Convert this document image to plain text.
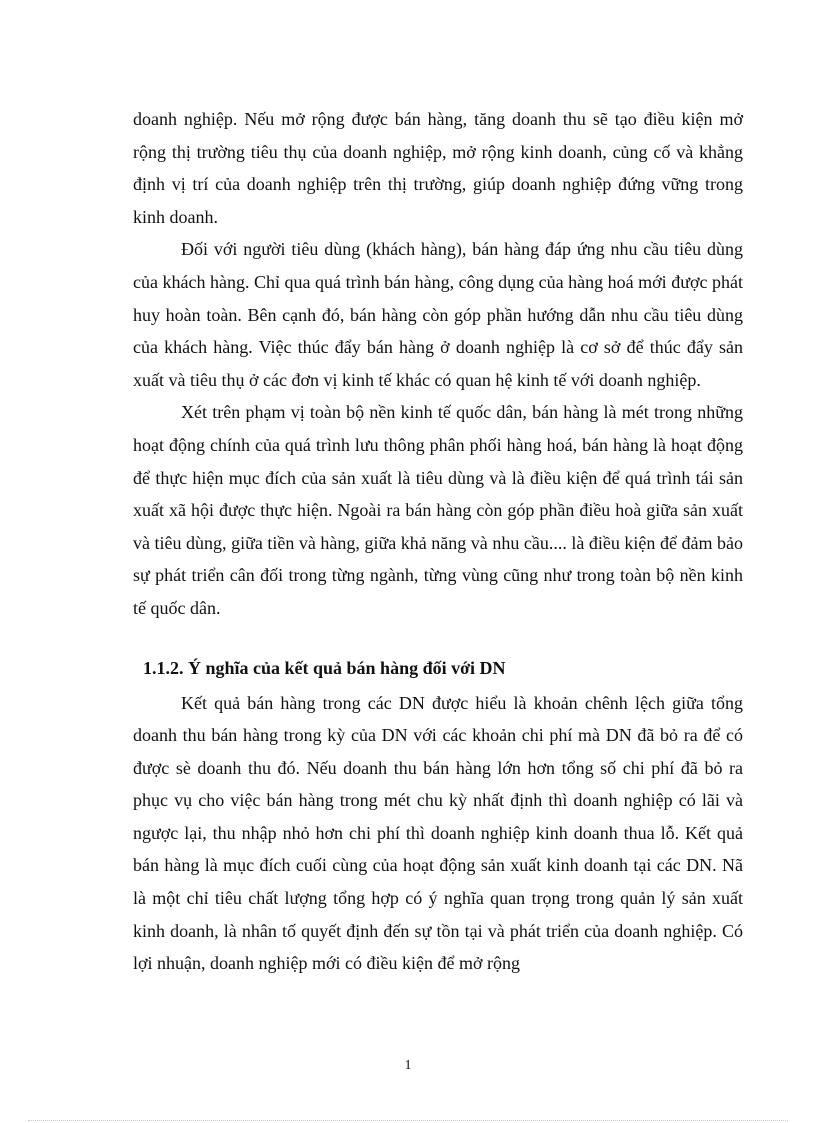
doanh nghiệp. Nếu mở rộng được bán hàng, tăng doanh thu sẽ tạo điều kiện mở rộng thị trường tiêu thụ của doanh nghiệp, mở rộng kinh doanh, củng cố và khẳng định vị trí của doanh nghiệp trên thị trường, giúp doanh nghiệp đứng vững trong kinh doanh.

Đối với người tiêu dùng (khách hàng), bán hàng đáp ứng nhu cầu tiêu dùng của khách hàng. Chỉ qua quá trình bán hàng, công dụng của hàng hoá mới được phát huy hoàn toàn. Bên cạnh đó, bán hàng còn góp phần hướng dẫn nhu cầu tiêu dùng của khách hàng. Việc thúc đẩy bán hàng ở doanh nghiệp là cơ sở để thúc đẩy sản xuất và tiêu thụ ở các đơn vị kinh tế khác có quan hệ kinh tế với doanh nghiệp.

Xét trên phạm vị toàn bộ nền kinh tế quốc dân, bán hàng là mét trong những hoạt động chính của quá trình lưu thông phân phối hàng hoá, bán hàng là hoạt động để thực hiện mục đích của sản xuất là tiêu dùng và là điều kiện để quá trình tái sản xuất xã hội được thực hiện. Ngoài ra bán hàng còn góp phần điều hoà giữa sản xuất và tiêu dùng, giữa tiền và hàng, giữa khả năng và nhu cầu.... là điều kiện để đảm bảo sự phát triển cân đối trong từng ngành, từng vùng cũng như trong toàn bộ nền kinh tế quốc dân.

1.1.2. Ý nghĩa của kết quả bán hàng đối với DN

Kết quả bán hàng trong các DN được hiểu là khoản chênh lệch giữa tổng doanh thu bán hàng trong kỳ của DN với các khoản chi phí mà DN đã bỏ ra để có được sè doanh thu đó. Nếu doanh thu bán hàng lớn hơn tổng số chi phí đã bỏ ra phục vụ cho việc bán hàng trong mét chu kỳ nhất định thì doanh nghiệp có lãi và ngược lại, thu nhập nhỏ hơn chi phí thì doanh nghiệp kinh doanh thua lỗ. Kết quả bán hàng là mục đích cuối cùng của hoạt động sản xuất kinh doanh tại các DN. Nã là một chỉ tiêu chất lượng tổng hợp có ý nghĩa quan trọng trong quản lý sản xuất kinh doanh, là nhân tố quyết định đến sự tồn tại và phát triển của doanh nghiệp. Có lợi nhuận, doanh nghiệp mới có điều kiện để mở rộng

1
